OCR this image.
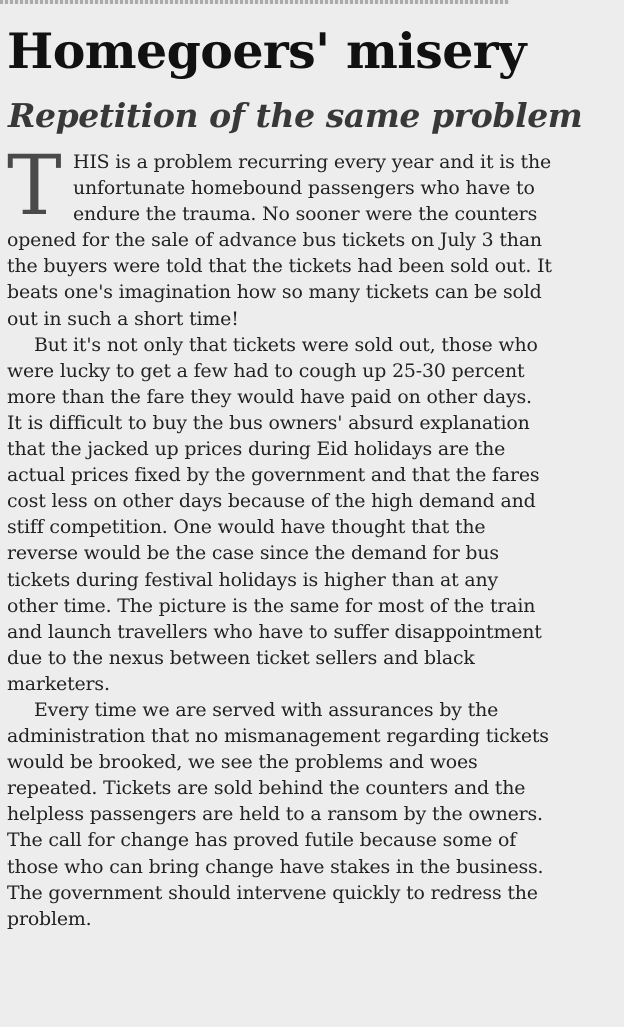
Homegoers' misery
Repetition of the same problem
T HIS is a problem recurring every year and it is the
unfortunate homebound passengers who have to
endure the trauma. No sooner were the counters
opened for the sale of advance bus tickets on July 3 than
the buyers were told that the tickets had been sold out. It
beats one's imagination how so many tickets can be sold
out in such a short time!
But it's not only that tickets were sold out, those who
were lucky to get a few had to cough up 25-30 percent
more than the fare they would have paid on other days.
It is difficult to buy the bus owners' absurd explanation
that the jacked up prices during Eid holidays are the
actual prices fixed by the government and that the fares
cost less on other days because of the high demand and
stiff competition. One would have thought that the
reverse would be the case since the demand for bus
tickets during festival holidays is higher than at any
other time. The picture is the same for most of the train
and launch travellers who have to suffer disappointment
due to the nexus between ticket sellers and black
marketers.
Every time we are served with assurances by the
administration that no mismanagement regarding tickets
would be brooked, we see the problems and woes
repeated. Tickets are sold behind the counters and the
helpless passengers are held to a ransom by the owners.
The call for change has proved futile because some of
those who can bring change have stakes in the business.
The government should intervene quickly to redress the
problem.
